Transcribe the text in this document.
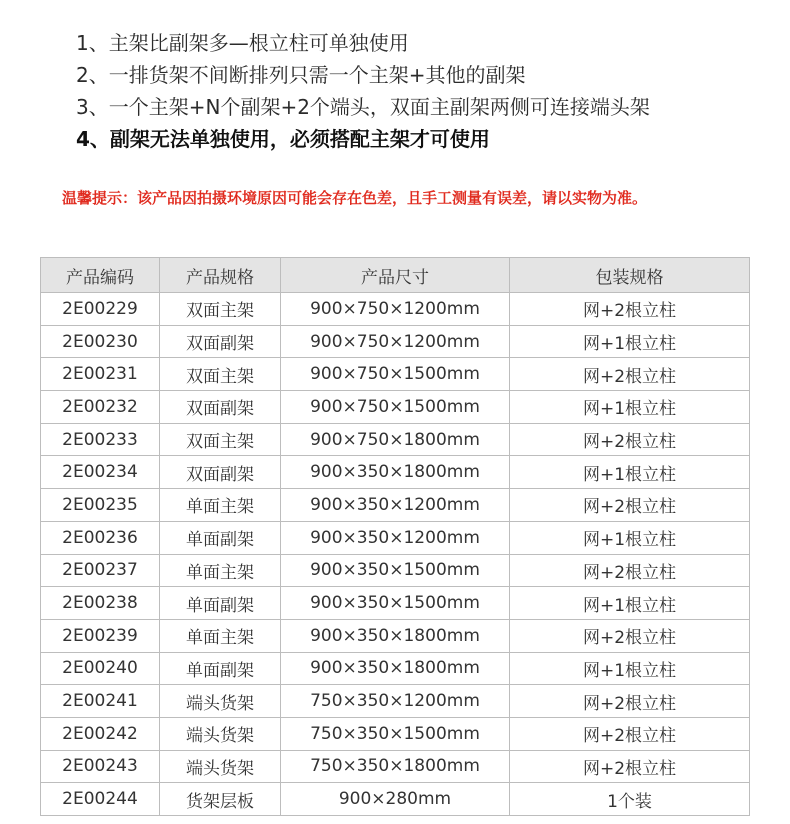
1、主架比副架多—根立柱可单独使用
2、一排货架不间断排列只需一个主架+其他的副架
3、一个主架+N个副架+2个端头，双面主副架两侧可连接端头架
4、副架无法单独使用，必须搭配主架才可使用
温馨提示：该产品因拍摄环境原因可能会存在色差，且手工测量有误差，请以实物为准。
产品编码	产品规格	产品尺寸	包装规格
2E00229	双面主架	900×750×1200mm	网+2根立柱
2E00230	双面副架	900×750×1200mm	网+1根立柱
2E00231	双面主架	900×750×1500mm	网+2根立柱
2E00232	双面副架	900×750×1500mm	网+1根立柱
2E00233	双面主架	900×750×1800mm	网+2根立柱
2E00234	双面副架	900×350×1800mm	网+1根立柱
2E00235	单面主架	900×350×1200mm	网+2根立柱
2E00236	单面副架	900×350×1200mm	网+1根立柱
2E00237	单面主架	900×350×1500mm	网+2根立柱
2E00238	单面副架	900×350×1500mm	网+1根立柱
2E00239	单面主架	900×350×1800mm	网+2根立柱
2E00240	单面副架	900×350×1800mm	网+1根立柱
2E00241	端头货架	750×350×1200mm	网+2根立柱
2E00242	端头货架	750×350×1500mm	网+2根立柱
2E00243	端头货架	750×350×1800mm	网+2根立柱
2E00244	货架层板	900×280mm	1个装
